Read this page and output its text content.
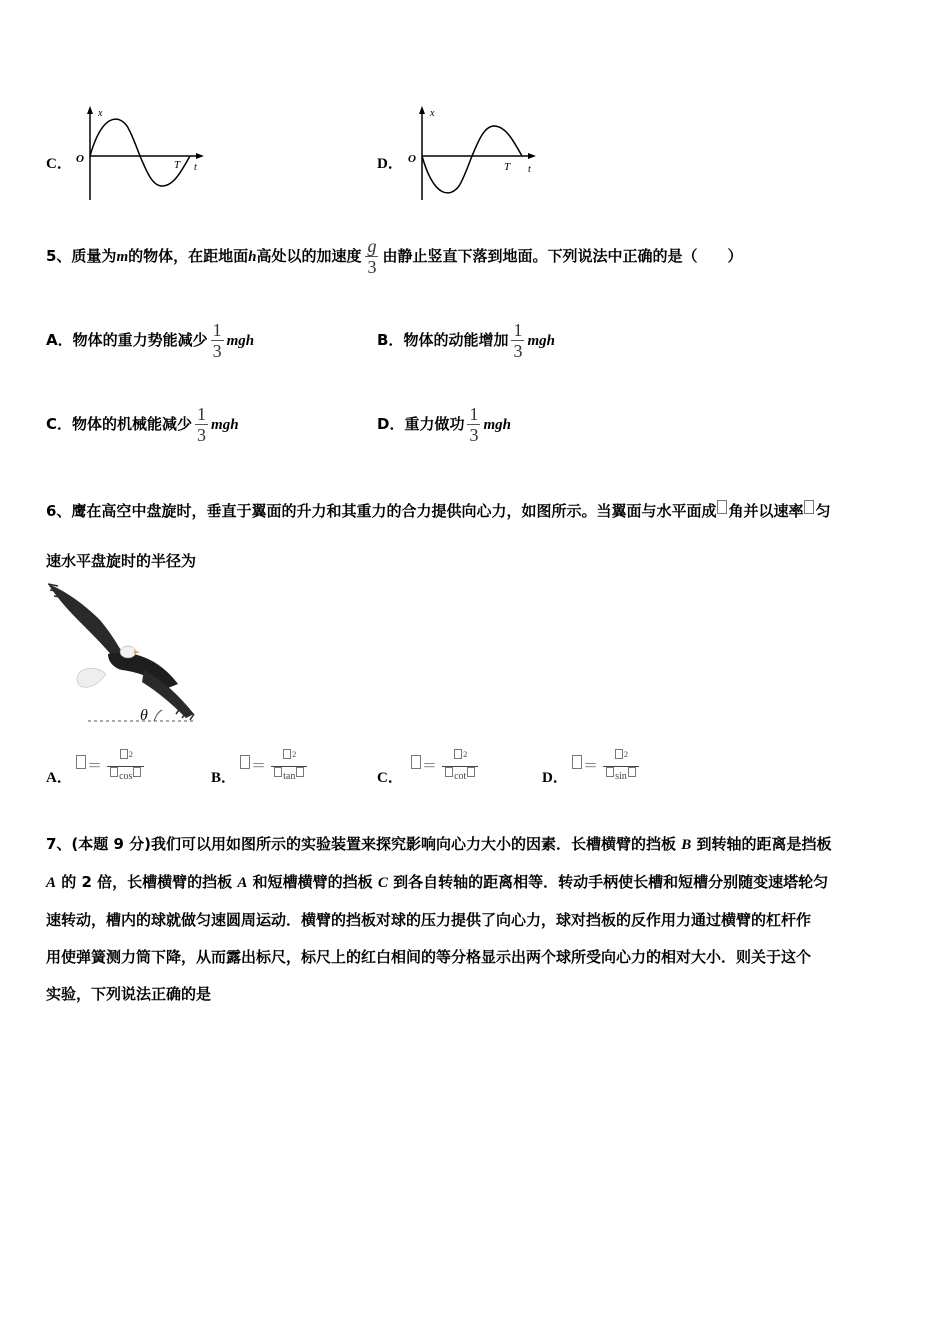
C．
x
O	T t	D．
x
O
T t
5、质量为m的物体，在距地面h高处以的加速度 $\frac{g}{3}$ 由静止竖直下落到地面。下列说法中正确的是（　　）
A．物体的重力势能减少 $\frac{1}{3}$ mgh	B．物体的动能增加 $\frac{1}{3}$ mgh
C．物体的机械能减少 $\frac{1}{3}$ mgh	D．重力做功 $\frac{1}{3}$ mgh
6、鹰在高空中盘旋时，垂直于翼面的升力和其重力的合力提供向心力，如图所示。当翼面与水平面成 角并以速率 匀
速水平盘旋时的半径为
θ
A．
＝ $\frac{^2}{\cos}$	B．
＝ $\frac{^2}{\tan}$	C．
＝ $\frac{^2}{\cot}$	D．
＝ $\frac{^2}{\sin}$
7、(本题 9 分)我们可以用如图所示的实验装置来探究影响向心力大小的因素．长槽横臂的挡板 B 到转轴的距离是挡板
A 的 2 倍，长槽横臂的挡板 A 和短槽横臂的挡板 C 到各自转轴的距离相等．转动手柄使长槽和短槽分别随变速塔轮匀
速转动，槽内的球就做匀速圆周运动．横臂的挡板对球的压力提供了向心力，球对挡板的反作用力通过横臂的杠杆作
用使弹簧测力筒下降，从而露出标尺，标尺上的红白相间的等分格显示出两个球所受向心力的相对大小．则关于这个
实验，下列说法正确的是
